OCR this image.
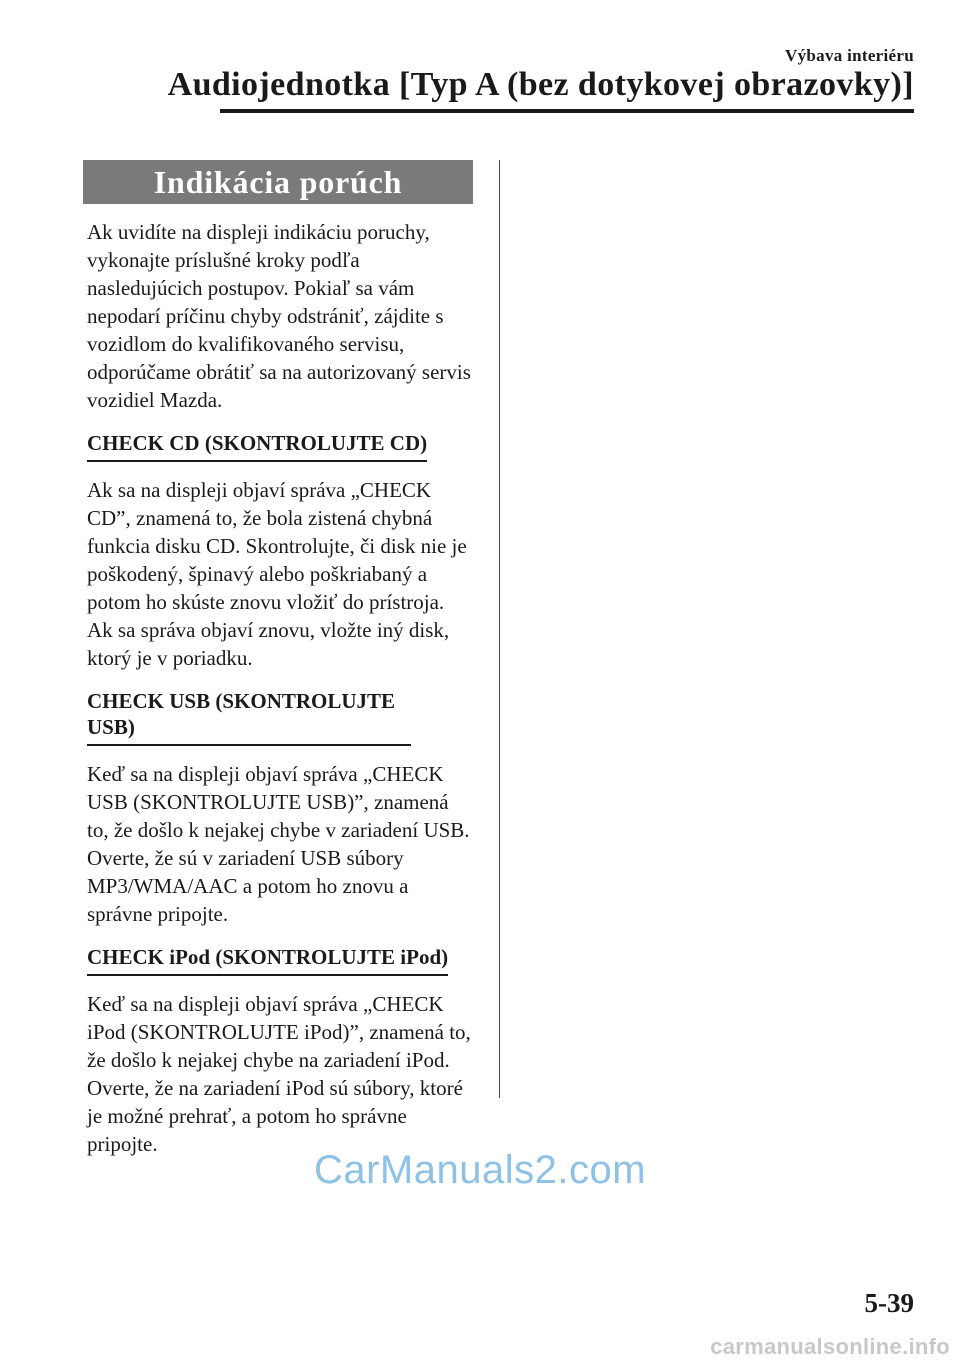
Výbava interiéru
Audiojednotka [Typ A (bez dotykovej obrazovky)]
Indikácia porúch

Ak uvidíte na displeji indikáciu poruchy, vykonajte príslušné kroky podľa nasledujúcich postupov. Pokiaľ sa vám nepodarí príčinu chyby odstrániť, zájdite s vozidlom do kvalifikovaného servisu, odporúčame obrátiť sa na autorizovaný servis vozidiel Mazda.

CHECK CD (SKONTROLUJTE CD)

Ak sa na displeji objaví správa „CHECK CD”, znamená to, že bola zistená chybná funkcia disku CD. Skontrolujte, či disk nie je poškodený, špinavý alebo poškriabaný a potom ho skúste znovu vložiť do prístroja. Ak sa správa objaví znovu, vložte iný disk, ktorý je v poriadku.

CHECK USB (SKONTROLUJTE USB)

Keď sa na displeji objaví správa „CHECK USB (SKONTROLUJTE USB)”, znamená to, že došlo k nejakej chybe v zariadení USB. Overte, že sú v zariadení USB súbory MP3/WMA/AAC a potom ho znovu a správne pripojte.

CHECK iPod (SKONTROLUJTE iPod)

Keď sa na displeji objaví správa „CHECK iPod (SKONTROLUJTE iPod)”, znamená to, že došlo k nejakej chybe na zariadení iPod. Overte, že na zariadení iPod sú súbory, ktoré je možné prehrať, a potom ho správne pripojte.

CarManuals2.com
5-39
carmanualsonline.info
